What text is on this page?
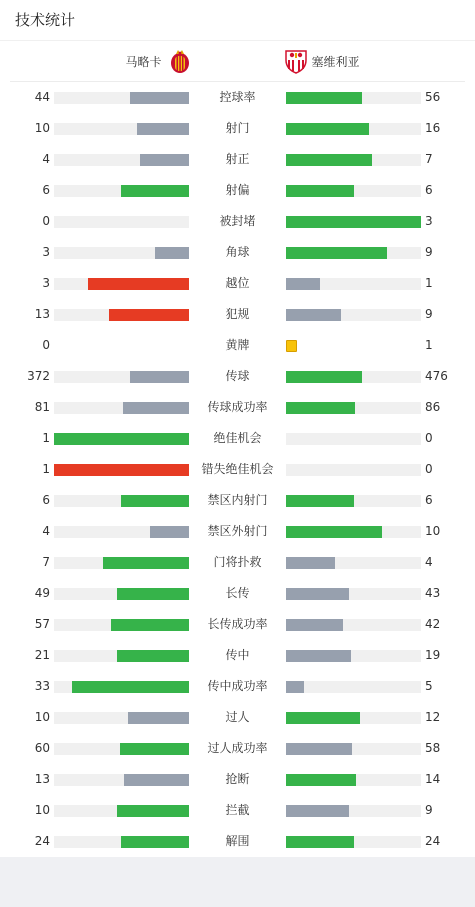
技术统计
马略卡	塞维利亚
44	控球率	56
10	射门	16
4	射正	7
6	射偏	6
0	被封堵	3
3	角球	9
3	越位	1
13	犯规	9
0	黄牌	1
372	传球	476
81	传球成功率	86
1	绝佳机会	0
1	错失绝佳机会	0
6	禁区内射门	6
4	禁区外射门	10
7	门将扑救	4
49	长传	43
57	长传成功率	42
21	传中	19
33	传中成功率	5
10	过人	12
60	过人成功率	58
13	抢断	14
10	拦截	9
24	解围	24
